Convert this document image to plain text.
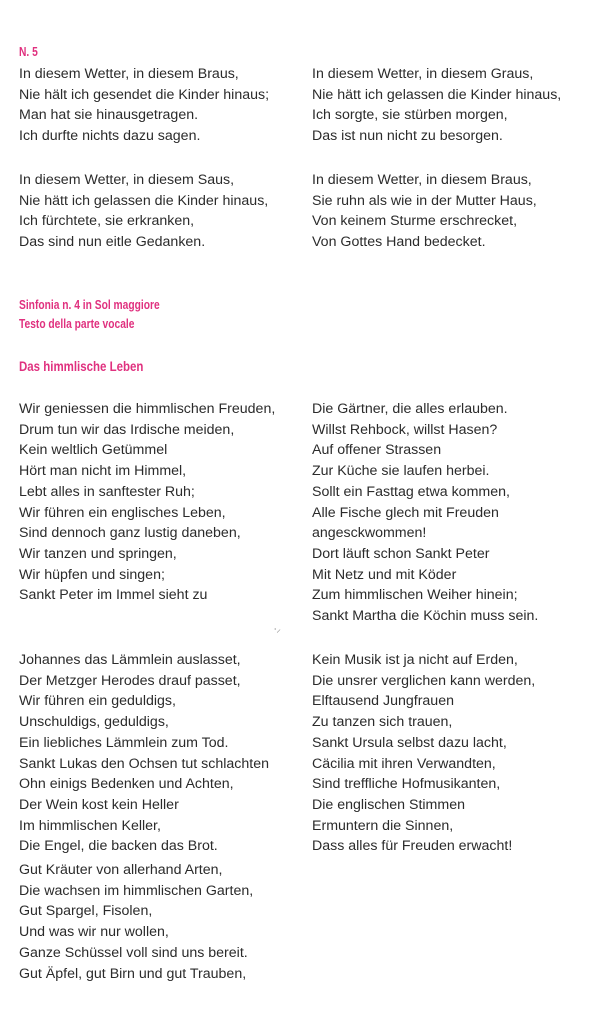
N. 5
In diesem Wetter, in diesem Braus,
Nie hält ich gesendet die Kinder hinaus;
Man hat sie hinausgetragen.
Ich durfte nichts dazu sagen.
In diesem Wetter, in diesem Saus,
Nie hätt ich gelassen die Kinder hinaus,
Ich fürchtete, sie erkranken,
Das sind nun eitle Gedanken.
In diesem Wetter, in diesem Graus,
Nie hätt ich gelassen die Kinder hinaus,
Ich sorgte, sie stürben morgen,
Das ist nun nicht zu besorgen.
In diesem Wetter, in diesem Braus,
Sie ruhn als wie in der Mutter Haus,
Von keinem Sturme erschrecket,
Von Gottes Hand bedecket.
Sinfonia n. 4 in Sol maggiore
Testo della parte vocale
Das himmlische Leben
Wir geniessen die himmlischen Freuden,
Drum tun wir das Irdische meiden,
Kein weltlich Getümmel
Hört man nicht im Himmel,
Lebt alles in sanftester Ruh;
Wir führen ein englisches Leben,
Sind dennoch ganz lustig daneben,
Wir tanzen und springen,
Wir hüpfen und singen;
Sankt Peter im Immel sieht zu
Johannes das Lämmlein auslasset,
Der Metzger Herodes drauf passet,
Wir führen ein geduldigs,
Unschuldigs, geduldigs,
Ein liebliches Lämmlein zum Tod.
Sankt Lukas den Ochsen tut schlachten
Ohn einigs Bedenken und Achten,
Der Wein kost kein Heller
Im himmlischen Keller,
Die Engel, die backen das Brot.
Gut Kräuter von allerhand Arten,
Die wachsen im himmlischen Garten,
Gut Spargel, Fisolen,
Und was wir nur wollen,
Ganze Schüssel voll sind uns bereit.
Gut Äpfel, gut Birn und gut Trauben,
Die Gärtner, die alles erlauben.
Willst Rehbock, willst Hasen?
Auf offener Strassen
Zur Küche sie laufen herbei.
Sollt ein Fasttag etwa kommen,
Alle Fische glech mit Freuden
angesckwommen!
Dort läuft schon Sankt Peter
Mit Netz und mit Köder
Zum himmlischen Weiher hinein;
Sankt Martha die Köchin muss sein.
Kein Musik ist ja nicht auf Erden,
Die unsrer verglichen kann werden,
Elftausend Jungfrauen
Zu tanzen sich trauen,
Sankt Ursula selbst dazu lacht,
Cäcilia mit ihren Verwandten,
Sind treffliche Hofmusikanten,
Die englischen Stimmen
Ermuntern die Sinnen,
Dass alles für Freuden erwacht!
⸱⸝
